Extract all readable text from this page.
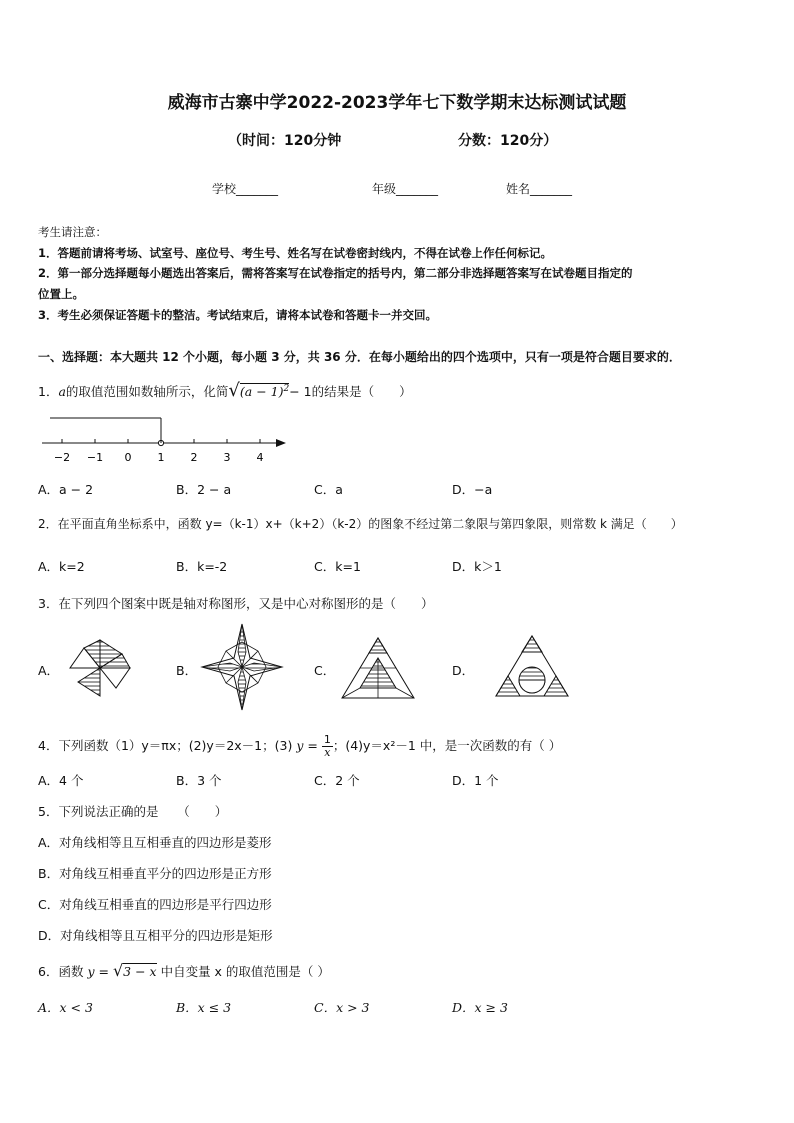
威海市古寨中学2022-2023学年七下数学期末达标测试试题
（时间：120分钟	分数：120分）
学校_______	年级_______	姓名_______
考生请注意：
1．答题前请将考场、试室号、座位号、考生号、姓名写在试卷密封线内，不得在试卷上作任何标记。
2．第一部分选择题每小题选出答案后，需将答案写在试卷指定的括号内，第二部分非选择题答案写在试卷题目指定的
位置上。
3．考生必须保证答题卡的整洁。考试结束后，请将本试卷和答题卡一并交回。
一、选择题：本大题共 12 个小题，每小题 3 分，共 36 分．在每小题给出的四个选项中，只有一项是符合题目要求的．
1．a的取值范围如数轴所示，化简$√(a - 1)^2- 1$的结果是（　　）
−2 −1 0 1 2 3 4
A．a − 2	B．2 − a	C．a	D．−a
2．在平面直角坐标系中，函数 y=（k-1）x+（k+2）（k-2）的图象不经过第二象限与第四象限，则常数 k 满足（　　）
A．k=2	B．k=-2	C．k=1	D．k＞1
3．在下列四个图案中既是轴对称图形，又是中心对称图形的是（　　）
A．	B．	C．	D．
4．下列函数（1）y＝πx；(2)y＝2x－1；(3) $y = \frac{1}{x}$ ；(4)y＝x²－1 中，是一次函数的有（ ）
A．4 个	B．3 个	C．2 个	D．1 个
5．下列说法正确的是　　（　　）
A．对角线相等且互相垂直的四边形是菱形
B．对角线互相垂直平分的四边形是正方形
C．对角线互相垂直的四边形是平行四边形
D．对角线相等且互相平分的四边形是矩形
6．函数 y = √3 − x 中自变量 x 的取值范围是（ ）
A．x < 3	B．x ≤ 3	C．x > 3	D．x ≥ 3
